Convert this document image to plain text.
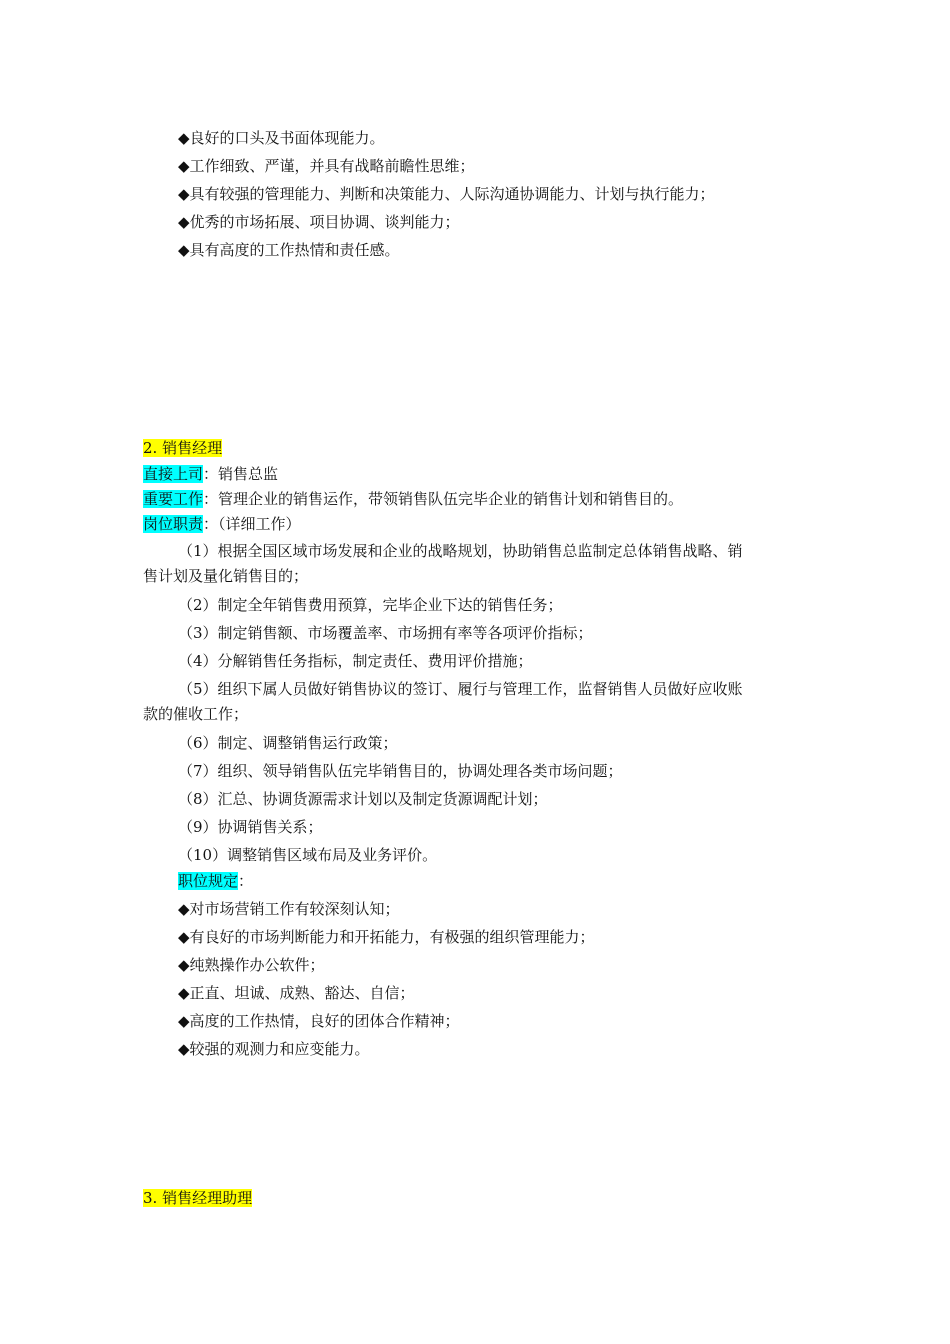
◆良好的口头及书面体现能力。
◆工作细致、严谨，并具有战略前瞻性思维；
◆具有较强的管理能力、判断和决策能力、人际沟通协调能力、计划与执行能力；
◆优秀的市场拓展、项目协调、谈判能力；
◆具有高度的工作热情和责任感。
2. 销售经理
直接上司：销售总监
重要工作：管理企业的销售运作，带领销售队伍完毕企业的销售计划和销售目的。
岗位职责：（详细工作）
（1）根据全国区域市场发展和企业的战略规划，协助销售总监制定总体销售战略、销
售计划及量化销售目的；
（2）制定全年销售费用预算，完毕企业下达的销售任务；
（3）制定销售额、市场覆盖率、市场拥有率等各项评价指标；
（4）分解销售任务指标，制定责任、费用评价措施；
（5）组织下属人员做好销售协议的签订、履行与管理工作，监督销售人员做好应收账
款的催收工作；
（6）制定、调整销售运行政策；
（7）组织、领导销售队伍完毕销售目的，协调处理各类市场问题；
（8）汇总、协调货源需求计划以及制定货源调配计划；
（9）协调销售关系；
（10）调整销售区域布局及业务评价。
职位规定：
◆对市场营销工作有较深刻认知；
◆有良好的市场判断能力和开拓能力，有极强的组织管理能力；
◆纯熟操作办公软件；
◆正直、坦诚、成熟、豁达、自信；
◆高度的工作热情，良好的团体合作精神；
◆较强的观测力和应变能力。
3. 销售经理助理
